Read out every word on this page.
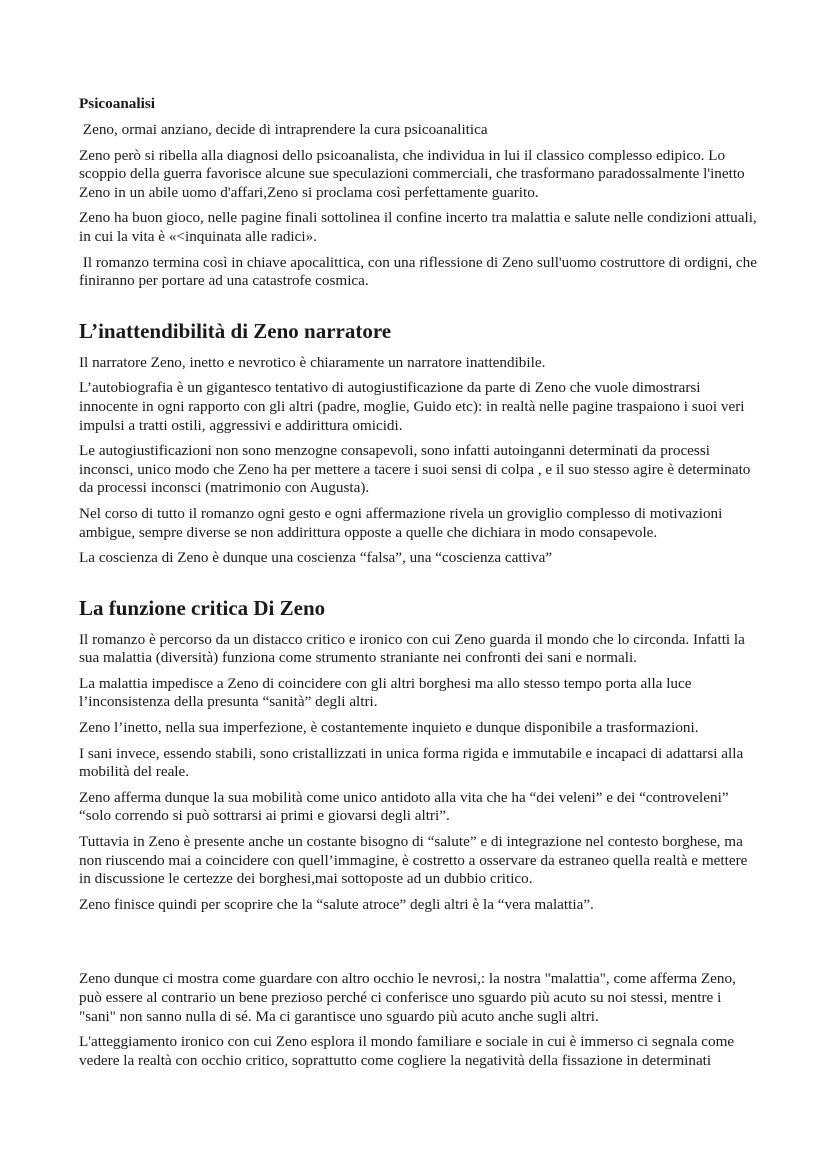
Psicoanalisi

Zeno, ormai anziano, decide di intraprendere la cura psicoanalitica

Zeno però si ribella alla diagnosi dello psicoanalista, che individua in lui il classico complesso edipico. Lo scoppio della guerra favorisce alcune sue speculazioni commerciali, che trasformano paradossalmente l'inetto Zeno in un abile uomo d'affari,Zeno si proclama così perfettamente guarito.

Zeno ha buon gioco, nelle pagine finali sottolinea il confine incerto tra malattia e salute nelle condizioni attuali, in cui la vita è «<inquinata alle radici».

Il romanzo termina così in chiave apocalittica, con una riflessione di Zeno sull'uomo costruttore di ordigni, che finiranno per portare ad una catastrofe cosmica.

L’inattendibilità di Zeno narratore

Il narratore Zeno, inetto e nevrotico è chiaramente un narratore inattendibile.

L’autobiografia è un gigantesco tentativo di autogiustificazione da parte di Zeno che vuole dimostrarsi innocente in ogni rapporto con gli altri (padre, moglie, Guido etc): in realtà nelle pagine traspaiono i suoi veri impulsi a tratti ostili, aggressivi e addirittura omicidi.

Le autogiustificazioni non sono menzogne consapevoli, sono infatti autoinganni determinati da processi inconsci, unico modo che Zeno ha per mettere a tacere i suoi sensi di colpa , e il suo stesso agire è determinato da processi inconsci (matrimonio con Augusta).

Nel corso di tutto il romanzo ogni gesto e ogni affermazione rivela un groviglio complesso di motivazioni ambigue, sempre diverse se non addirittura opposte a quelle che dichiara in modo consapevole.

La coscienza di Zeno è dunque una coscienza “falsa”, una “coscienza cattiva”

La funzione critica Di Zeno

Il romanzo è percorso da un distacco critico e ironico con cui Zeno guarda il mondo che lo circonda. Infatti la sua malattia (diversità) funziona come strumento straniante nei confronti dei sani e normali.

La malattia impedisce a Zeno di coincidere con gli altri borghesi ma allo stesso tempo porta alla luce l’inconsistenza della presunta “sanità” degli altri.

Zeno l’inetto, nella sua imperfezione, è costantemente inquieto e dunque disponibile a trasformazioni.

I sani invece, essendo stabili, sono cristallizzati in unica forma rigida e immutabile e incapaci di adattarsi alla mobilità del reale.

Zeno afferma dunque la sua mobilità come unico antidoto alla vita che ha “dei veleni” e dei “controveleni” “solo correndo si può sottrarsi ai primi e giovarsi degli altri”.

Tuttavia in Zeno è presente anche un costante bisogno di “salute” e di integrazione nel contesto borghese, ma non riuscendo mai a coincidere con quell’immagine, è costretto a osservare da estraneo quella realtà e mettere in discussione le certezze dei borghesi,mai sottoposte ad un dubbio critico.

Zeno finisce quindi per scoprire che la “salute atroce” degli altri è la “vera malattia”.

Zeno dunque ci mostra come guardare con altro occhio le nevrosi,: la nostra "malattia", come afferma Zeno, può essere al contrario un bene prezioso perché ci conferisce uno sguardo più acuto su noi stessi, mentre i "sani" non sanno nulla di sé. Ma ci garantisce uno sguardo più acuto anche sugli altri.

L'atteggiamento ironico con cui Zeno esplora il mondo familiare e sociale in cui è immerso ci segnala come vedere la realtà con occhio critico, soprattutto come cogliere la negatività della fissazione in determinati
